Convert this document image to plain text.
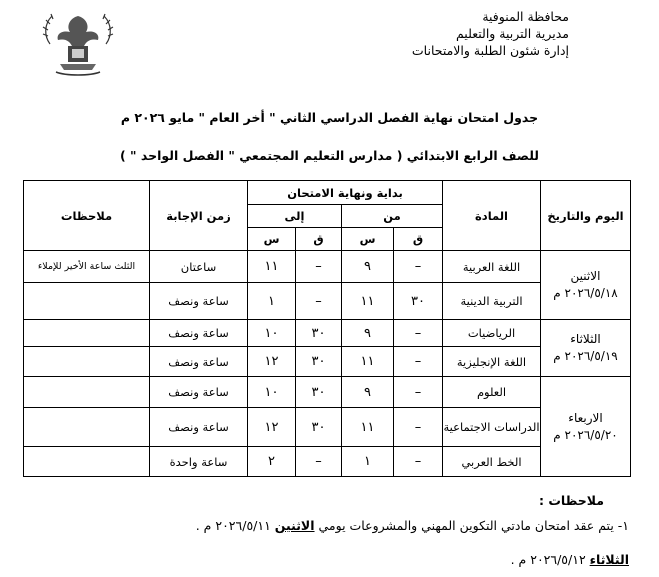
محافظة المنوفية
مديرية التربية والتعليم
إدارة شئون الطلبة والامتحانات
جدول امتحان نهاية الفصل الدراسي الثاني " أخر العام " مايو ٢٠٢٦ م
للصف الرابع الابتدائي ( مدارس التعليم المجتمعي " الفصل الواحد " )
اليوم والتاريخ	المادة	بداية ونهاية الامتحان				زمن الإجابة	ملاحظات
		من		إلى			
		ق	س	ق	س		

الاثنين
٢٠٢٦/٥/١٨ م	اللغة العربية	–	٩	–	١١	ساعتان	الثلث ساعة الأخير للإملاء
	التربية الدينية	٣٠	١١	–	١	ساعة ونصف	

الثلاثاء
٢٠٢٦/٥/١٩ م	الرياضيات	–	٩	٣٠	١٠	ساعة ونصف	
	اللغة الإنجليزية	–	١١	٣٠	١٢	ساعة ونصف	

الاربعاء
٢٠٢٦/٥/٢٠ م	العلوم	–	٩	٣٠	١٠	ساعة ونصف	
	الدراسات الاجتماعية	–	١١	٣٠	١٢	ساعة ونصف	
	الخط العربي	–	١	–	٢	ساعة واحدة	
ملاحظات :
١- يتم عقد امتحان مادتي التكوين المهني والمشروعات يومي الاثنين ٢٠٢٦/٥/١١ م .
الثلاثاء ٢٠٢٦/٥/١٢ م .
